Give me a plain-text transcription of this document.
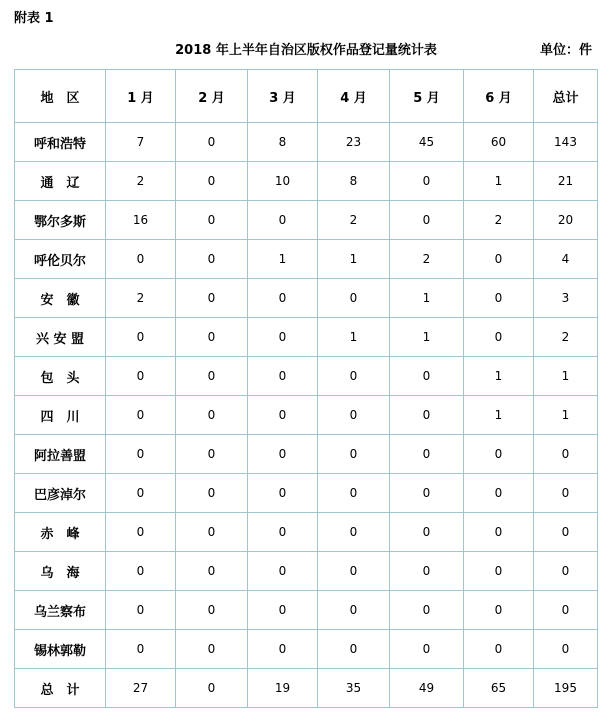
附表 1
2018 年上半年自治区版权作品登记量统计表	单位：件
地　区	1 月	2 月	3 月	4 月	5 月	6 月	总计
呼和浩特	7	0	8	23	45	60	143
通　辽	2	0	10	8	0	1	21
鄂尔多斯	16	0	0	2	0	2	20
呼伦贝尔	0	0	1	1	2	0	4
安　徽	2	0	0	0	1	0	3
兴 安 盟	0	0	0	1	1	0	2
包　头	0	0	0	0	0	1	1
四　川	0	0	0	0	0	1	1
阿拉善盟	0	0	0	0	0	0	0
巴彦淖尔	0	0	0	0	0	0	0
赤　峰	0	0	0	0	0	0	0
乌　海	0	0	0	0	0	0	0
乌兰察布	0	0	0	0	0	0	0
锡林郭勒	0	0	0	0	0	0	0
总　计	27	0	19	35	49	65	195
